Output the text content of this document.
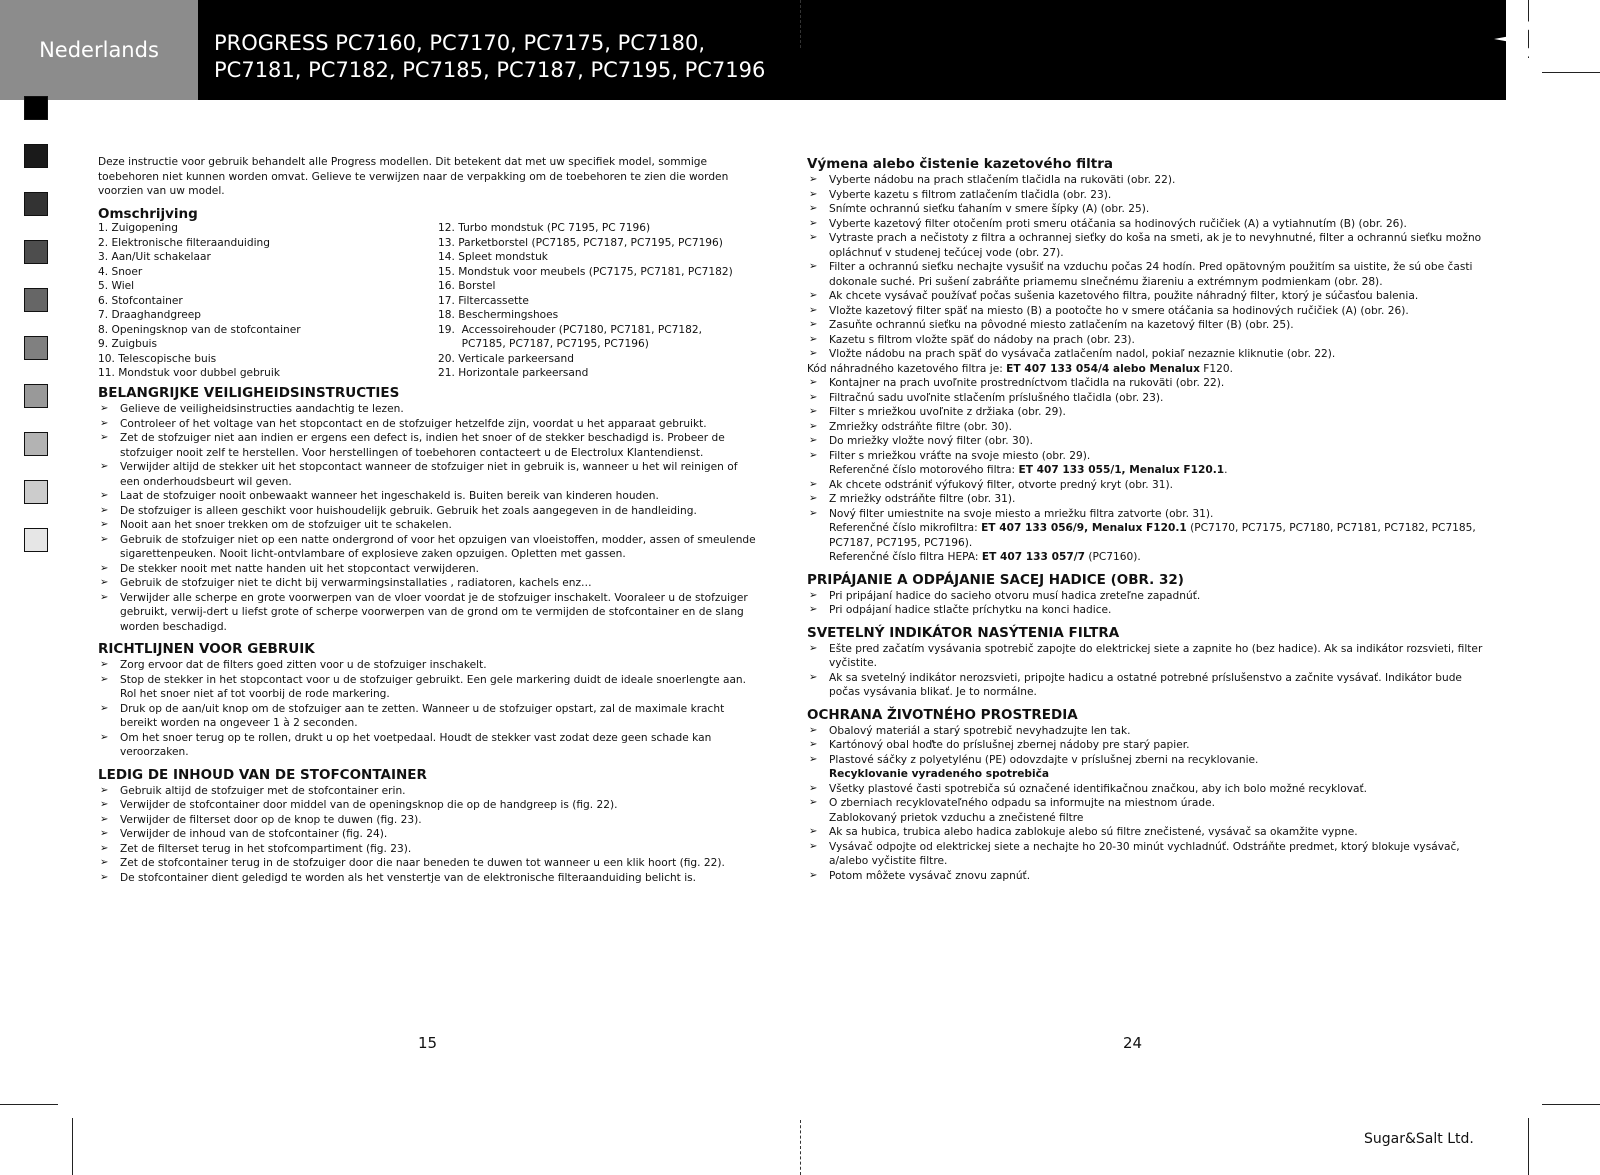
Nederlands	PROGRESS PC7160, PC7170, PC7175, PC7180,
PC7181, PC7182, PC7185, PC7187, PC7195, PC7196

Deze instructie voor gebruik behandelt alle Progress modellen. Dit betekent dat met uw specifiek model, sommige toebehoren niet kunnen worden omvat. Gelieve te verwijzen naar de verpakking om de toebehoren te zien die worden voorzien van uw model.

Omschrijving

1. Zuigopening
2. Elektronische filteraanduiding
3. Aan/Uit schakelaar
4. Snoer
5. Wiel
6. Stofcontainer
7. Draaghandgreep
8. Openingsknop van de stofcontainer
9. Zuigbuis
10. Telescopische buis
11. Mondstuk voor dubbel gebruik
12. Turbo mondstuk (PC 7195, PC 7196)
13. Parketborstel (PC7185, PC7187, PC7195, PC7196)
14. Spleet mondstuk
15. Mondstuk voor meubels (PC7175, PC7181, PC7182)
16. Borstel
17. Filtercassette
18. Beschermingshoes
19.  Accessoirehouder (PC7180, PC7181, PC7182,
PC7185, PC7187, PC7195, PC7196)
20. Verticale parkeersand
21. Horizontale parkeersand

BELANGRIJKE VEILIGHEIDSINSTRUCTIES

➢ Gelieve de veiligheidsinstructies aandachtig te lezen.
➢ Controleer of het voltage van het stopcontact en de stofzuiger hetzelfde zijn, voordat u het apparaat gebruikt.
➢ Zet de stofzuiger niet aan indien er ergens een defect is, indien het snoer of de stekker beschadigd is. Probeer de stofzuiger nooit zelf te herstellen. Voor herstellingen of toebehoren contacteert u de Electrolux Klantendienst.
➢ Verwijder altijd de stekker uit het stopcontact wanneer de stofzuiger niet in gebruik is, wanneer u het wil reinigen of een onderhoudsbeurt wil geven.
➢ Laat de stofzuiger nooit onbewaakt wanneer het ingeschakeld is. Buiten bereik van kinderen houden.
➢ De stofzuiger is alleen geschikt voor huishoudelijk gebruik. Gebruik het zoals aangegeven in de handleiding.
➢ Nooit aan het snoer trekken om de stofzuiger uit te schakelen.
➢ Gebruik de stofzuiger niet op een natte ondergrond of voor het opzuigen van vloeistoffen, modder, assen of smeulende sigarettenpeuken. Nooit licht-ontvlambare of explosieve zaken opzuigen. Opletten met gassen.
➢ De stekker nooit met natte handen uit het stopcontact verwijderen.
➢ Gebruik de stofzuiger niet te dicht bij verwarmingsinstallaties , radiatoren, kachels enz…
➢ Verwijder alle scherpe en grote voorwerpen van de vloer voordat je de stofzuiger inschakelt. Vooraleer u de stofzuiger gebruikt, verwij-dert u liefst grote of scherpe voorwerpen van de grond om te vermijden de stofcontainer en de slang worden beschadigd.

RICHTLIJNEN VOOR GEBRUIK

➢ Zorg ervoor dat de filters goed zitten voor u de stofzuiger inschakelt.
➢ Stop de stekker in het stopcontact voor u de stofzuiger gebruikt. Een gele markering duidt de ideale snoerlengte aan. Rol het snoer niet af tot voorbij de rode markering.
➢ Druk op de aan/uit knop om de stofzuiger aan te zetten. Wanneer u de stofzuiger opstart, zal de maximale kracht bereikt worden na ongeveer 1 à 2 seconden.
➢ Om het snoer terug op te rollen, drukt u op het voetpedaal. Houdt de stekker vast zodat deze geen schade kan veroorzaken.

LEDIG DE INHOUD VAN DE STOFCONTAINER

➢ Gebruik altijd de stofzuiger met de stofcontainer erin.
➢ Verwijder de stofcontainer door middel van de openingsknop die op de handgreep is (fig. 22).
➢ Verwijder de filterset door op de knop te duwen (fig. 23).
➢ Verwijder de inhoud van de stofcontainer (fig. 24).
➢ Zet de filterset terug in het stofcompartiment (fig. 23).
➢ Zet de stofcontainer terug in de stofzuiger door die naar beneden te duwen tot wanneer u een klik hoort (fig. 22).
➢ De stofcontainer dient geledigd te worden als het venstertje van de elektronische filteraanduiding belicht is.
15

Výmena alebo čistenie kazetového filtra

➢ Vyberte nádobu na prach stlačením tlačidla na rukoväti (obr. 22).
➢ Vyberte kazetu s filtrom zatlačením tlačidla (obr. 23).
➢ Snímte ochrannú sieťku ťahaním v smere šípky (A) (obr. 25).
➢ Vyberte kazetový filter otočením proti smeru otáčania sa hodinových ručičiek (A) a vytiahnutím (B) (obr. 26).
➢ Vytraste prach a nečistoty z filtra a ochrannej sieťky do koša na smeti, ak je to nevyhnutné, filter a ochrannú sieťku možno opláchnuť v studenej tečúcej vode (obr. 27).
➢ Filter a ochrannú sieťku nechajte vysušiť na vzduchu počas 24 hodín. Pred opätovným použitím sa uistite, že sú obe časti dokonale suché. Pri sušení zabráňte priamemu slnečnému žiareniu a extrémnym podmienkam (obr. 28).
➢ Ak chcete vysávač používať počas sušenia kazetového filtra, použite náhradný filter, ktorý je súčasťou balenia.
➢ Vložte kazetový filter späť na miesto (B) a pootočte ho v smere otáčania sa hodinových ručičiek (A) (obr. 26).
➢ Zasuňte ochrannú sieťku na pôvodné miesto zatlačením na kazetový filter (B) (obr. 25).
➢ Kazetu s filtrom vložte späť do nádoby na prach (obr. 23).
➢ Vložte nádobu na prach späť do vysávača zatlačením nadol, pokiaľ nezaznie kliknutie (obr. 22).

Kód náhradného kazetového filtra je: ET 407 133 054/4 alebo Menalux F120.

➢ Kontajner na prach uvoľnite prostredníctvom tlačidla na rukoväti (obr. 22).
➢ Filtračnú sadu uvoľnite stlačením príslušného tlačidla (obr. 23).
➢ Filter s mriežkou uvoľnite z držiaka (obr. 29).
➢ Zmriežky odstráňte filtre (obr. 30).
➢ Do mriežky vložte nový filter (obr. 30).
➢ Filter s mriežkou vráťte na svoje miesto (obr. 29).
Referenčné číslo motorového filtra: ET 407 133 055/1, Menalux F120.1.
➢ Ak chcete odstrániť výfukový filter, otvorte predný kryt (obr. 31).
➢ Z mriežky odstráňte filtre (obr. 31).
➢ Nový filter umiestnite na svoje miesto a mriežku filtra zatvorte (obr. 31).
Referenčné číslo mikrofiltra: ET 407 133 056/9, Menalux F120.1 (PC7170, PC7175, PC7180, PC7181, PC7182, PC7185, PC7187, PC7195, PC7196).
Referenčné číslo filtra HEPA: ET 407 133 057/7 (PC7160).

PRIPÁJANIE A ODPÁJANIE SACEJ HADICE (OBR. 32)

➢ Pri pripájaní hadice do sacieho otvoru musí hadica zreteľne zapadnúť.
➢ Pri odpájaní hadice stlačte príchytku na konci hadice.

SVETELNÝ INDIKÁTOR NASÝTENIA FILTRA

➢ Ešte pred začatím vysávania spotrebič zapojte do elektrickej siete a zapnite ho (bez hadice). Ak sa indikátor rozsvieti, filter vyčistite.
➢ Ak sa svetelný indikátor nerozsvieti, pripojte hadicu a ostatné potrebné príslušenstvo a začnite vysávať. Indikátor bude počas vysávania blikať. Je to normálne.

OCHRANA ŽIVOTNÉHO PROSTREDIA

➢ Obalový materiál a starý spotrebič nevyhadzujte len tak.
➢ Kartónový obal hoďte do príslušnej zbernej nádoby pre starý papier.
➢ Plastové sáčky z polyetylénu (PE) odovzdajte v príslušnej zberni na recyklovanie.
Recyklovanie vyradeného spotrebiča
➢ Všetky plastové časti spotrebiča sú označené identifikačnou značkou, aby ich bolo možné recyklovať.
➢ O zberniach recyklovateľného odpadu sa informujte na miestnom úrade.
Zablokovaný prietok vzduchu a znečistené filtre
➢ Ak sa hubica, trubica alebo hadica zablokuje alebo sú filtre znečistené, vysávač sa okamžite vypne.
➢ Vysávač odpojte od elektrickej siete a nechajte ho 20-30 minút vychladnúť. Odstráňte predmet, ktorý blokuje vysávač, a/alebo vyčistite filtre.
➢ Potom môžete vysávač znovu zapnúť.
24
Sugar&Salt Ltd.
